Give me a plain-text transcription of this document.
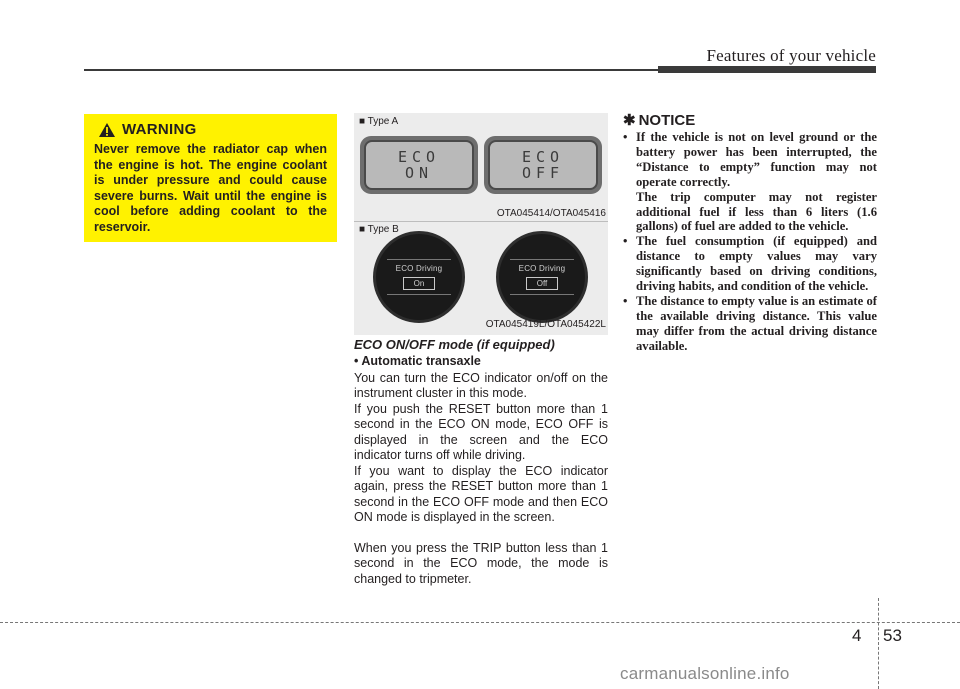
Features of your vehicle
WARNING
Never remove the radiator cap when the engine is hot. The engine coolant is under pressure and could cause severe burns. Wait until the engine is cool before adding coolant to the reservoir.
■ Type A
ECO
ON
ECO
OFF
OTA045414/OTA045416
■ Type B
ECO Driving
On
ECO Driving
Off
OTA045419L/OTA045422L
ECO ON/OFF mode (if equipped)
• Automatic transaxle
You can turn the ECO indicator on/off on the instrument cluster in this mode.
If you push the RESET button more than 1 second in the ECO ON mode, ECO OFF is displayed in the screen and the ECO indicator turns off while driving.
If you want to display the ECO indicator again, press the RESET button more than 1 second in the ECO OFF mode and then ECO ON mode is displayed in the screen.
When you press the TRIP button less than 1 second in the ECO mode, the mode is changed to tripmeter.
✱ NOTICE
• If the vehicle is not on level ground or the battery power has been interrupted, the “Distance to empty” function may not operate correctly.
The trip computer may not register additional fuel if less than 6 liters (1.6 gallons) of fuel are added to the vehicle.
• The fuel consumption (if equipped) and distance to empty values may vary significantly based on driving conditions, driving habits, and condition of the vehicle.
• The distance to empty value is an estimate of the available driving distance. This value may differ from the actual driving distance available.
4 53
carmanualsonline.info
